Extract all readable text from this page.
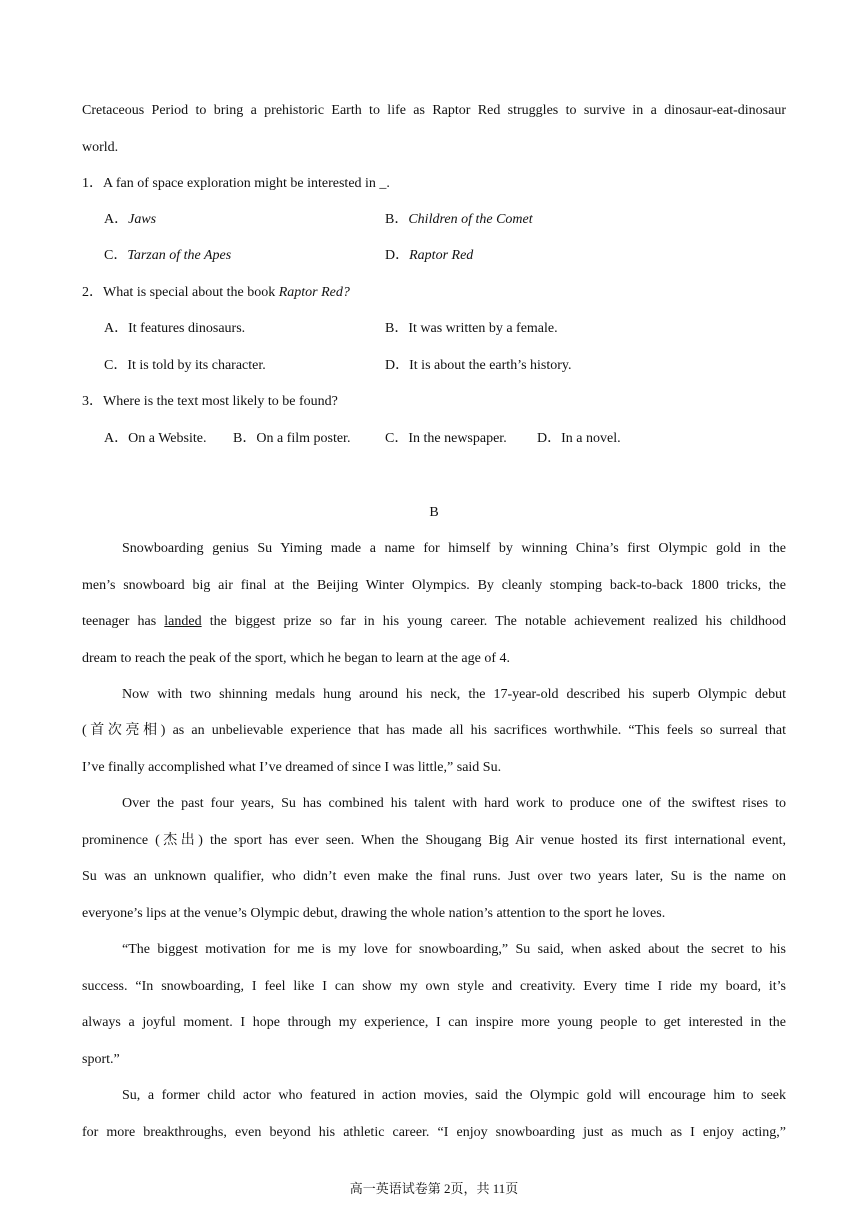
Cretaceous Period to bring a prehistoric Earth to life as Raptor Red struggles to survive in a dinosaur-eat-dinosaur
world.
1．A fan of space exploration might be interested in _.
A．Jaws	B．Children of the Comet
C．Tarzan of the Apes	D．Raptor Red
2．What is special about the book Raptor Red?
A．It features dinosaurs.	B．It was written by a female.
C．It is told by its character.	D．It is about the earth’s history.
3．Where is the text most likely to be found?
A．On a Website. B．On a film poster. C．In the newspaper. D．In a novel.
B
Snowboarding genius Su Yiming made a name for himself by winning China’s first Olympic gold in the
men’s snowboard big air final at the Beijing Winter Olympics. By cleanly stomping back-to-back 1800 tricks, the
teenager has landed the biggest prize so far in his young career. The notable achievement realized his childhood
dream to reach the peak of the sport, which he began to learn at the age of 4.
Now with two shinning medals hung around his neck, the 17-year-old described his superb Olympic debut
(首次亮相) as an unbelievable experience that has made all his sacrifices worthwhile. “This feels so surreal that
I’ve finally accomplished what I’ve dreamed of since I was little,” said Su.
Over the past four years, Su has combined his talent with hard work to produce one of the swiftest rises to
prominence (杰出) the sport has ever seen. When the Shougang Big Air venue hosted its first international event,
Su was an unknown qualifier, who didn’t even make the final runs. Just over two years later, Su is the name on
everyone’s lips at the venue’s Olympic debut, drawing the whole nation’s attention to the sport he loves.
“The biggest motivation for me is my love for snowboarding,” Su said, when asked about the secret to his
success. “In snowboarding, I feel like I can show my own style and creativity. Every time I ride my board, it’s
always a joyful moment. I hope through my experience, I can inspire more young people to get interested in the
sport.”
Su, a former child actor who featured in action movies, said the Olympic gold will encourage him to seek
for more breakthroughs, even beyond his athletic career. “I enjoy snowboarding just as much as I enjoy acting,”
高一英语试卷第 2页，共 11页
